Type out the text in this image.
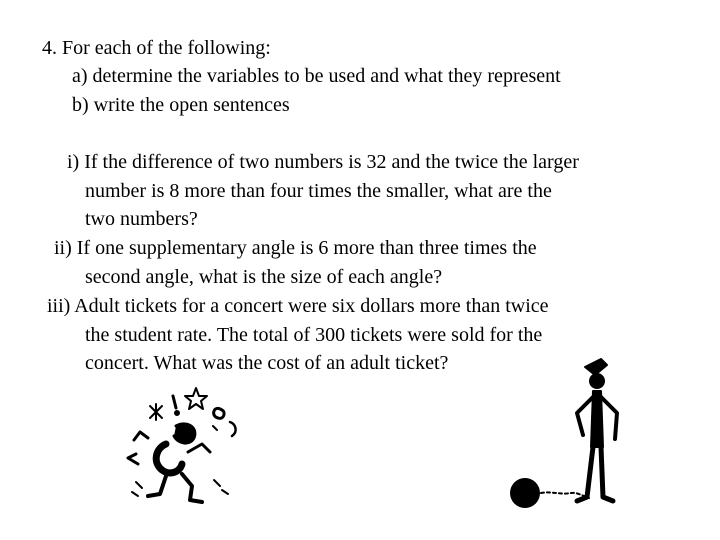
4. For each of the following:
a) determine the variables to be used and what they represent
b) write the open sentences
i) If the difference of two numbers is 32 and the twice the larger
number is 8 more than four times the smaller, what are the
two numbers?
ii) If one supplementary angle is 6 more than three times the
second angle, what is the size of each angle?
iii) Adult tickets for a concert were six dollars more than twice
the student rate. The total of 300 tickets were sold for the
concert. What was the cost of an adult ticket?
